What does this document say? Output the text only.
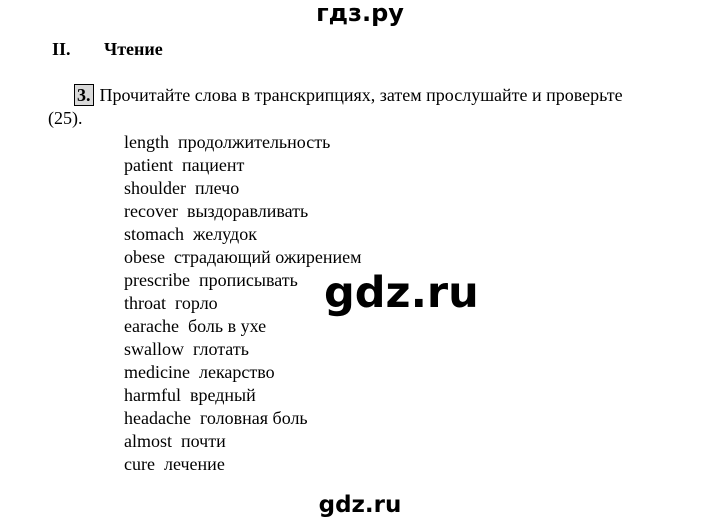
гдз.ру
II. Чтение
3. Прочитайте слова в транскрипциях, затем прослушайте и проверьте
(25).
length продолжительность
patient пациент
shoulder плечо
recover выздоравливать
stomach желудок
obese страдающий ожирением
prescribe прописывать
throat горло
earache боль в ухе
swallow глотать
medicine лекарство
harmful вредный
headache головная боль
almost почти
cure лечение
gdz.ru
gdz.ru
